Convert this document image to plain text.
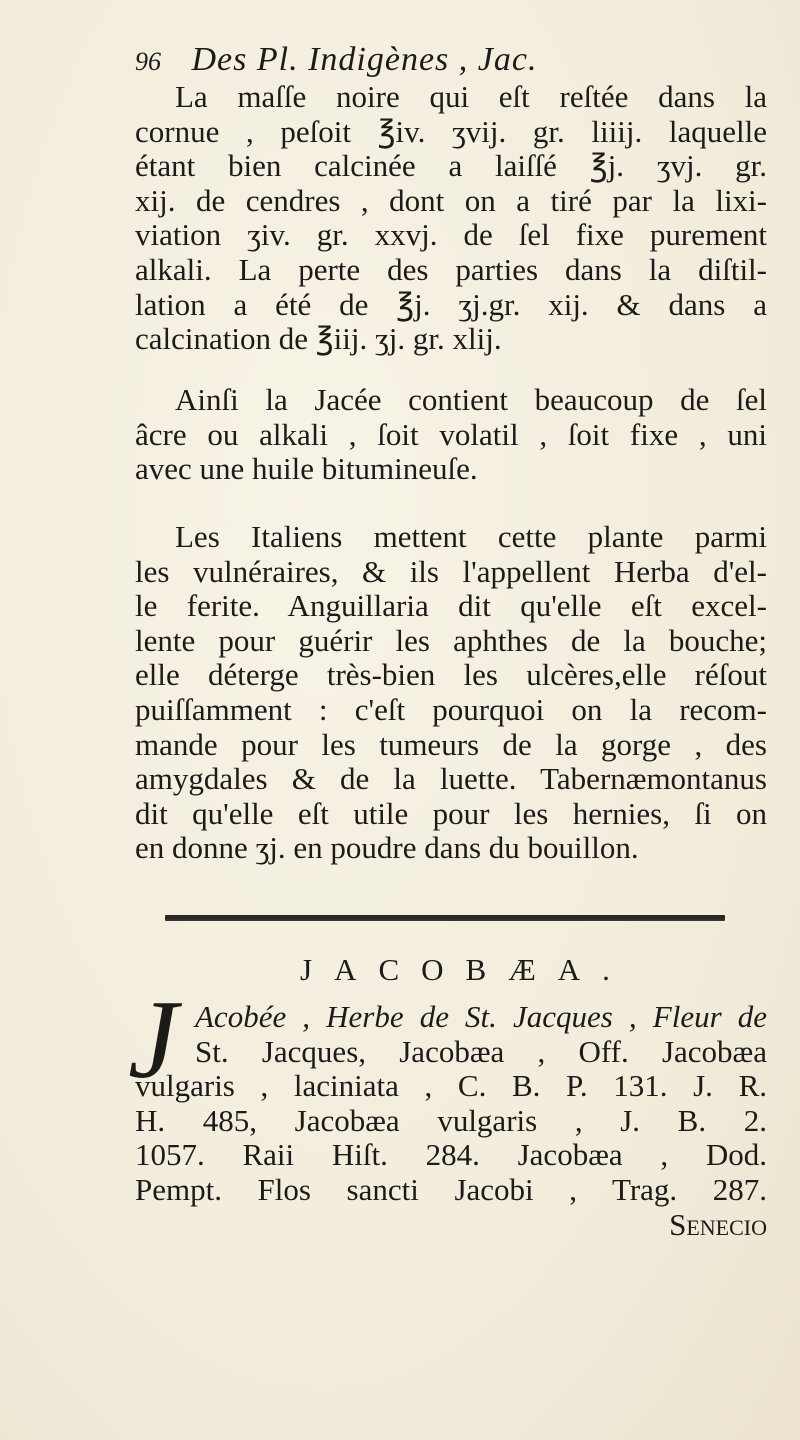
96 Des Pl. Indigènes , Jac.
La maſſe noire qui eſt reſtée dans la
cornue , peſoit ℥iv. ʒvij. gr. liiij. laquelle
étant bien calcinée a laiſſé ℥j. ʒvj. gr.
xij. de cendres , dont on a tiré par la lixi-
viation ʒiv. gr. xxvj. de ſel fixe purement
alkali. La perte des parties dans la diſtil-
lation a été de ℥j. ʒj.gr. xij. & dans a
calcination de ℥iij. ʒj. gr. xlij.
Ainſi la Jacée contient beaucoup de ſel
âcre ou alkali , ſoit volatil , ſoit fixe , uni
avec une huile bitumineuſe.
Les Italiens mettent cette plante parmi
les vulnéraires, & ils l'appellent Herba d'el-
le ferite. Anguillaria dit qu'elle eſt excel-
lente pour guérir les aphthes de la bouche;
elle déterge très-bien les ulcères,elle réſout
puiſſamment : c'eſt pourquoi on la recom-
mande pour les tumeurs de la gorge , des
amygdales & de la luette. Tabernæmontanus
dit qu'elle eſt utile pour les hernies, ſi on
en donne ʒj. en poudre dans du bouillon.
JACOBÆA.
J Acobée , Herbe de St. Jacques , Fleur de
St. Jacques, Jacobæa , Off. Jacobæa
vulgaris , laciniata , C. B. P. 131. J. R.
H. 485, Jacobæa vulgaris , J. B. 2.
1057. Raii Hiſt. 284. Jacobæa , Dod.
Pempt. Flos sancti Jacobi , Trag. 287.
Senecio
